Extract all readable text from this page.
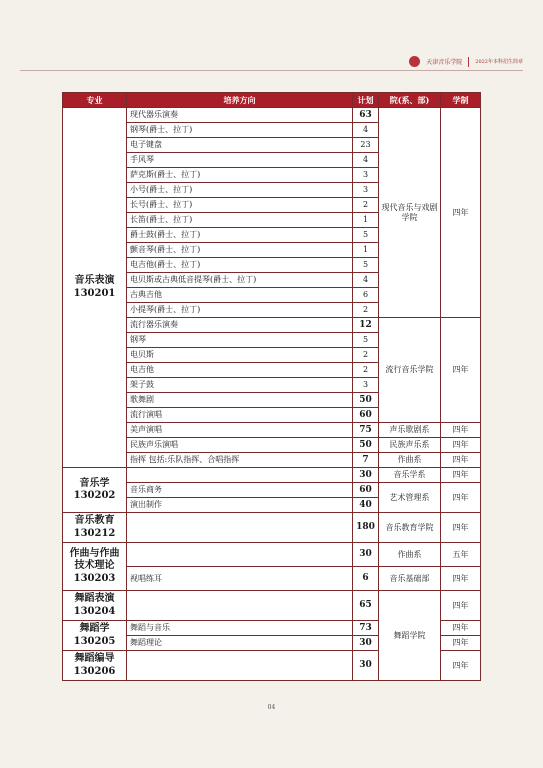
天津音乐学院	2022年本科招生简章
专业	培养方向	计划	院(系、部)	学制

音乐表演
130201	现代器乐演奏	63	现代音乐与戏剧学院	四年
	钢琴(爵士、拉丁)	4		
	电子键盘	23		
	手风琴	4		
	萨克斯(爵士、拉丁)	3		
	小号(爵士、拉丁)	3		
	长号(爵士、拉丁)	2		
	长笛(爵士、拉丁)	1		
	爵士鼓(爵士、拉丁)	5		
	颤音琴(爵士、拉丁)	1		
	电吉他(爵士、拉丁)	5		
	电贝斯或古典低音提琴(爵士、拉丁)	4		
	古典吉他	6		
	小提琴(爵士、拉丁)	2		
	流行器乐演奏	12	流行音乐学院	四年
	钢琴	5		
	电贝斯	2		
	电吉他	2		
	架子鼓	3		
	歌舞剧	50		
	流行演唱	60		
	美声演唱	75	声乐歌剧系	四年
	民族声乐演唱	50	民族声乐系	四年
	指挥 包括:乐队指挥、合唱指挥	7	作曲系	四年

音乐学
130202		30	音乐学系	四年
	音乐商务	60	艺术管理系	四年
	演出制作	40		

音乐教育
130212		180	音乐教育学院	四年

作曲与作曲技术理论
130203		30	作曲系	五年
	视唱练耳	6	音乐基础部	四年

舞蹈表演
130204		65	舞蹈学院	四年

舞蹈学
130205	舞蹈与音乐	73		四年
	舞蹈理论	30		四年

舞蹈编导
130206		30		四年
04
